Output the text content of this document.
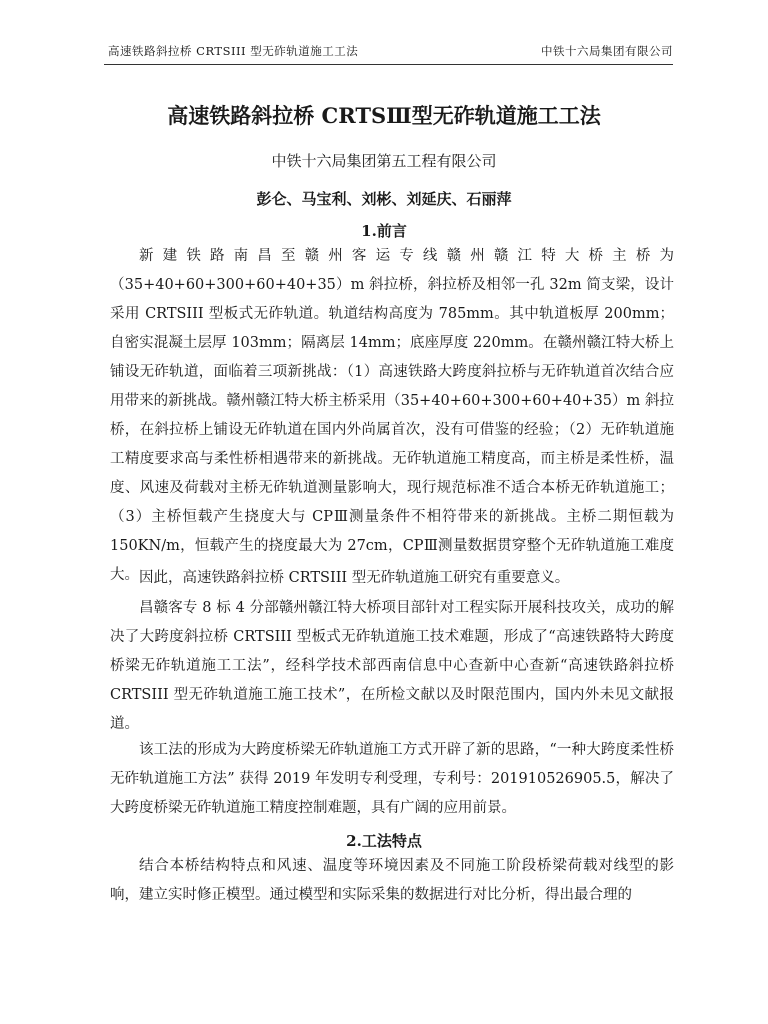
高速铁路斜拉桥 CRTSIII 型无砟轨道施工工法	中铁十六局集团有限公司
高速铁路斜拉桥 CRTSⅢ型无砟轨道施工工法
中铁十六局集团第五工程有限公司
彭仑、马宝利、刘彬、刘延庆、石丽萍
1.前言

新建铁路南昌至赣州客运专线赣州赣江特大桥主桥为（35+40+60+300+60+40+35）m 斜拉桥，斜拉桥及相邻一孔 32m 简支梁，设计采用 CRTSIII 型板式无砟轨道。轨道结构高度为 785mm。其中轨道板厚 200mm；自密实混凝土层厚 103mm；隔离层 14mm；底座厚度 220mm。在赣州赣江特大桥上铺设无砟轨道，面临着三项新挑战：（1）高速铁路大跨度斜拉桥与无砟轨道首次结合应用带来的新挑战。赣州赣江特大桥主桥采用（35+40+60+300+60+40+35）m 斜拉桥，在斜拉桥上铺设无砟轨道在国内外尚属首次，没有可借鉴的经验；（2）无砟轨道施工精度要求高与柔性桥相遇带来的新挑战。无砟轨道施工精度高，而主桥是柔性桥，温度、风速及荷载对主桥无砟轨道测量影响大，现行规范标准不适合本桥无砟轨道施工；（3）主桥恒载产生挠度大与 CPⅢ测量条件不相符带来的新挑战。主桥二期恒载为 150KN/m，恒载产生的挠度最大为 27cm，CPⅢ测量数据贯穿整个无砟轨道施工难度大。 因此，高速铁路斜拉桥 CRTSIII 型无砟轨道施工研究有重要意义。

昌赣客专 8 标 4 分部赣州赣江特大桥项目部针对工程实际开展科技攻关，成功的解决了大跨度斜拉桥 CRTSIII 型板式无砟轨道施工技术难题，形成了“高速铁路特大跨度桥梁无砟轨道施工工法”，经科学技术部西南信息中心查新中心查新“高速铁路斜拉桥 CRTSIII 型无砟轨道施工施工技术”，在所检文献以及时限范围内，国内外未见文献报道。

该工法的形成为大跨度桥梁无砟轨道施工方式开辟了新的思路，“一种大跨度柔性桥无砟轨道施工方法” 获得 2019 年发明专利受理，专利号：201910526905.5，解决了大跨度桥梁无砟轨道施工精度控制难题，具有广阔的应用前景。

2.工法特点

结合本桥结构特点和风速、温度等环境因素及不同施工阶段桥梁荷载对线型的影响，建立实时修正模型。通过模型和实际采集的数据进行对比分析，得出最合理的
